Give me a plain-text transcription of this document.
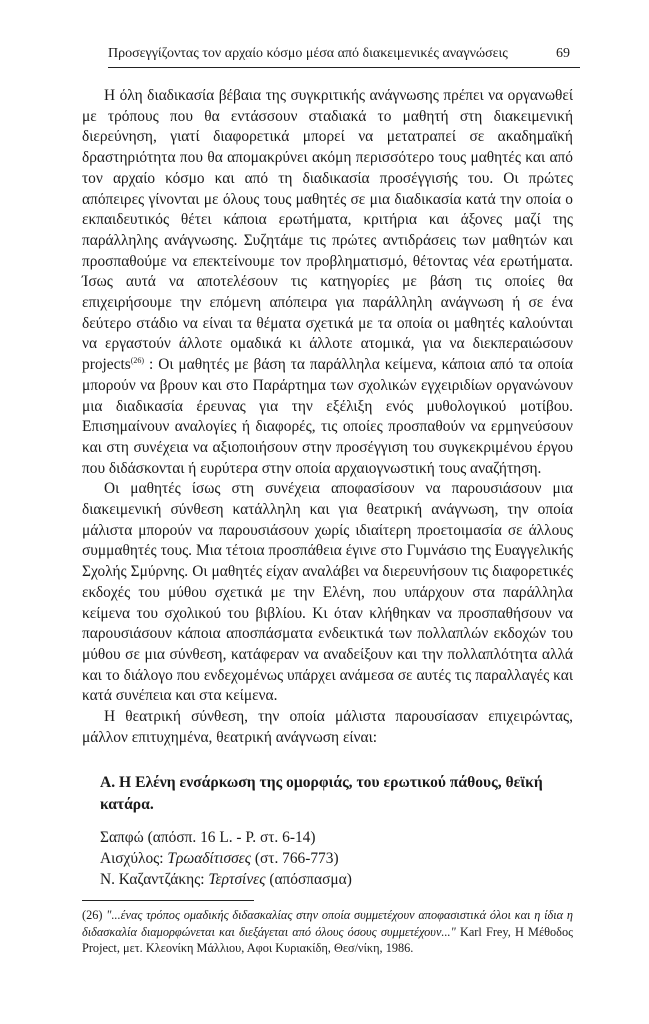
Προσεγγίζοντας τον αρχαίο κόσμο μέσα από διακειμενικές αναγνώσεις	69

Η όλη διαδικασία βέβαια της συγκριτικής ανάγνωσης πρέπει να οργανωθεί με τρόπους που θα εντάσσουν σταδιακά το μαθητή στη διακειμενική διερεύνηση, γιατί διαφορετικά μπορεί να μετατραπεί σε ακαδημαϊκή δραστηριότητα που θα απομακρύνει ακόμη περισσότερο τους μαθητές και από τον αρχαίο κόσμο και από τη διαδικασία προσέγγισής του. Οι πρώτες απόπειρες γίνονται με όλους τους μαθητές σε μια διαδικασία κατά την οποία ο εκπαιδευτικός θέτει κάποια ερωτήματα, κριτήρια και άξονες μαζί της παράλληλης ανάγνωσης. Συζητάμε τις πρώτες αντιδράσεις των μαθητών και προσπαθούμε να επεκτείνουμε τον προβληματισμό, θέτοντας νέα ερωτήματα. Ίσως αυτά να αποτελέσουν τις κατηγορίες με βάση τις οποίες θα επιχειρήσουμε την επόμενη απόπειρα για παράλληλη ανάγνωση ή σε ένα δεύτερο στάδιο να είναι τα θέματα σχετικά με τα οποία οι μαθητές καλούνται να εργαστούν άλλοτε ομαδικά κι άλλοτε ατομικά, για να διεκπεραιώσουν projects$^{(26)}$ : Οι μαθητές με βάση τα παράλληλα κείμενα, κάποια από τα οποία μπορούν να βρουν και στο Παράρτημα των σχολικών εγχειριδίων οργανώνουν μια διαδικασία έρευνας για την εξέλιξη ενός μυθολογικού μοτίβου. Επισημαίνουν αναλογίες ή διαφορές, τις οποίες προσπαθούν να ερμηνεύσουν και στη συνέχεια να αξιοποιήσουν στην προσέγγιση του συγκεκριμένου έργου που διδάσκονται ή ευρύτερα στην οποία αρχαιογνωστική τους αναζήτηση.

Οι μαθητές ίσως στη συνέχεια αποφασίσουν να παρουσιάσουν μια διακειμενική σύνθεση κατάλληλη και για θεατρική ανάγνωση, την οποία μάλιστα μπορούν να παρουσιάσουν χωρίς ιδιαίτερη προετοιμασία σε άλλους συμμαθητές τους. Μια τέτοια προσπάθεια έγινε στο Γυμνάσιο της Ευαγγελικής Σχολής Σμύρνης. Οι μαθητές είχαν αναλάβει να διερευνήσουν τις διαφορετικές εκδοχές του μύθου σχετικά με την Ελένη, που υπάρχουν στα παράλληλα κείμενα του σχολικού του βιβλίου. Κι όταν κλήθηκαν να προσπαθήσουν να παρουσιάσουν κάποια αποσπάσματα ενδεικτικά των πολλαπλών εκδοχών του μύθου σε μια σύνθεση, κατάφεραν να αναδείξουν και την πολλαπλότητα αλλά και το διάλογο που ενδεχομένως υπάρχει ανάμεσα σε αυτές τις παραλλαγές και κατά συνέπεια και στα κείμενα.

Η θεατρική σύνθεση, την οποία μάλιστα παρουσίασαν επιχειρώντας, μάλλον επιτυχημένα, θεατρική ανάγνωση είναι:

Α. Η Ελένη ενσάρκωση της ομορφιάς, του ερωτικού πάθους, θεϊκή κατάρα.
Σαπφώ (απόσπ. 16 L. - P. στ. 6-14)
Αισχύλος: Τρωαδίτισσες (στ. 766-773)
Ν. Καζαντζάκης: Τερτσίνες (απόσπασμα)
(26) "...ένας τρόπος ομαδικής διδασκαλίας στην οποία συμμετέχουν αποφασιστικά όλοι και η ίδια η διδασκαλία διαμορφώνεται και διεξάγεται από όλους όσους συμμετέχουν..." Karl Frey, Η Μέθοδος Project, μετ. Κλεονίκη Μάλλιου, Αφοι Κυριακίδη, Θεσ/νίκη, 1986.
